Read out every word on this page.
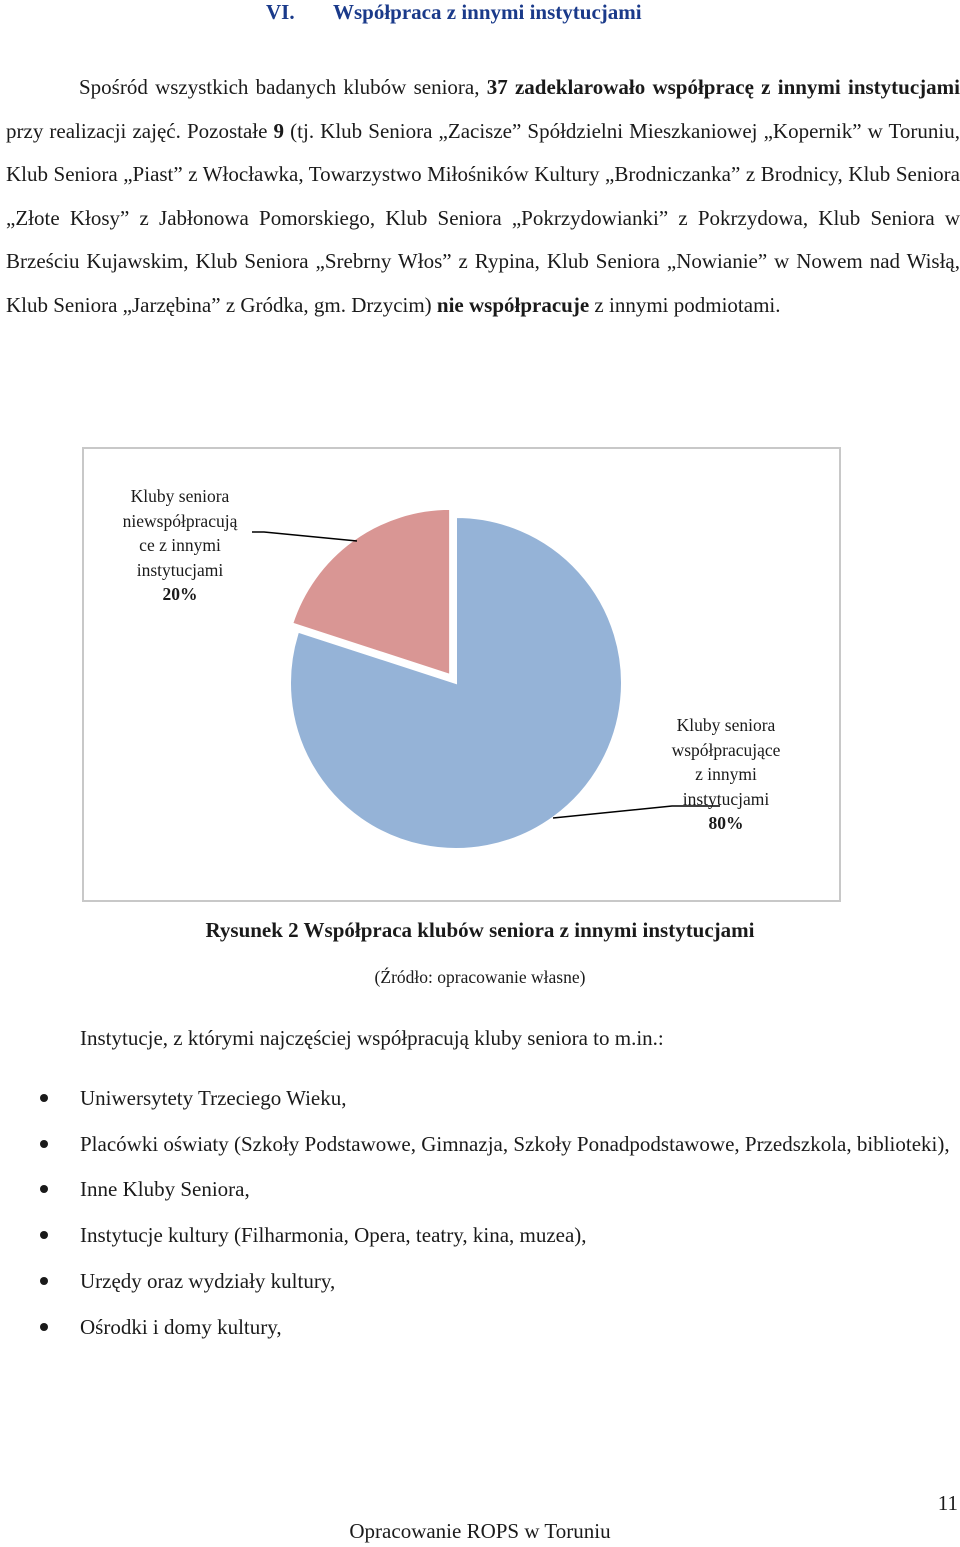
VI. Współpraca z innymi instytucjami

Spośród wszystkich badanych klubów seniora, 37 zadeklarowało współpracę z innymi instytucjami przy realizacji zajęć. Pozostałe 9 (tj. Klub Seniora „Zacisze” Spółdzielni Mieszkaniowej „Kopernik” w Toruniu, Klub Seniora „Piast” z Włocławka, Towarzystwo Miłośników Kultury „Brodniczanka” z Brodnicy, Klub Seniora „Złote Kłosy” z Jabłonowa Pomorskiego, Klub Seniora „Pokrzydowianki” z Pokrzydowa, Klub Seniora w Brześciu Kujawskim, Klub Seniora „Srebrny Włos” z Rypina, Klub Seniora „Nowianie” w Nowem nad Wisłą, Klub Seniora „Jarzębina” z Gródka, gm. Drzycim) nie współpracuje z innymi podmiotami.

Kluby seniora
niewspółpracują
ce z innymi
instytucjami
20%
Kluby seniora
współpracujące
z innymi
instytucjami
80%
Rysunek 2 Współpraca klubów seniora z innymi instytucjami
(Źródło: opracowanie własne)
Instytucje, z którymi najczęściej współpracują kluby seniora to m.in.:
Uniwersytety Trzeciego Wieku,
Placówki oświaty (Szkoły Podstawowe, Gimnazja, Szkoły Ponadpodstawowe, Przedszkola, biblioteki),
Inne Kluby Seniora,
Instytucje kultury (Filharmonia, Opera, teatry, kina, muzea),
Urzędy oraz wydziały kultury,
Ośrodki i domy kultury,
11
Opracowanie ROPS w Toruniu
